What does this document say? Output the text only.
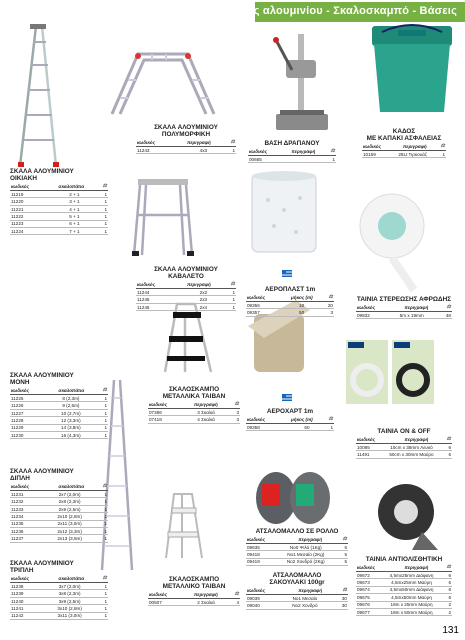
Σκάλες αλουμινίου - Σκαλοσκαμπό - Βάσεις
ΣΚΑΛΑ ΑΛΟΥΜΙΝΙΟΥ
ΟΙΚΙΑΚΗ
κωδικός	σκαλοπάτια	⚖
11219	2 + 1	1
11220	3 + 1	1
11221	4 + 1	1
11222	5 + 1	1
11223	6 + 1	1
11224	7 + 1	1
ΣΚΑΛΑ ΑΛΟΥΜΙΝΙΟΥ
ΠΟΛΥΜΟΡΦΙΚΗ
κωδικός	περιγραφή	⚖
11243	4x3	1
ΒΑΣΗ ΔΡΑΠΑΝΟΥ
κωδικός	περιγραφή	⚖
00665		1
ΚΑΔΟΣ
ΜΕ ΚΑΠΑΚΙ ΑΣΦΑΛΕΙΑΣ
κωδικός	περιγραφή	⚖
10159	28Lt Τιρκουάζ	1
ΣΚΑΛΑ ΑΛΟΥΜΙΝΙΟΥ
ΚΑΒΑΛΕΤΟ
κωδικός	περιγραφή	⚖
11244	2x2	1
11245	2x3	1
11246	2x4	1
ΑΕΡΟΠΛΑΣΤ 1m
κωδικός	μήκος (m)	⚖
09356	10	20
09357	50	3
ΤΑΙΝΙΑ ΣΤΕΡΕΩΣΗΣ ΑΦΡΩΔΗΣ
κωδικός	περιγραφή	⚖
09832	5m x 19mm	48
ΣΚΑΛΑ ΑΛΟΥΜΙΝΙΟΥ
ΜΟΝΗ
κωδικός	σκαλοπάτια	⚖
11225	8 (2,3m)	1
11226	9 (2,5m)	1
11227	10 (2,7m)	1
11228	12 (3,3m)	1
11229	14 (3,8m)	1
11230	16 (4,3m)	1
ΣΚΑΛΟΣΚΑΜΠΟ
ΜΕΤΑΛΛΙΚΑ ΤΑΙΒΑΝ
κωδικός	περιγραφή	⚖
07386	3 Σκαλιά	3
07418	4 Σκαλιά	3
ΑΕΡΟΧΑΡΤ 1m
κωδικός	μήκος (m)	⚖
09358	60	1
ΤΑΙΝΙΑ ON & OFF
κωδικός	περιγραφή	⚖
10085	10cm x 38mm Λευκό	6
11491	50cm x 30mm Μαύρο	6
ΣΚΑΛΑ ΑΛΟΥΜΙΝΙΟΥ
ΔΙΠΛΗ
κωδικός	σκαλοπάτια	⚖
11231	2x7 (2,0m)	1
11232	2x8 (2,3m)	1
11233	2x9 (2,5m)	1
11234	2x10 (2,8m)	1
11235	2x11 (3,0m)	1
11236	2x12 (3,3m)	1
11237	2x13 (3,5m)	1
ΑΤΣΑΛΟΜΑΛΛΟ ΣΕ ΡΟΛΛΟ
κωδικός	περιγραφή	⚖
09635	No0 Ψιλό (1Kg)	5
09418	No1 Μεσαίο (2Kg)	5
09419	No2 Χονδρό (2Kg)	5
ΣΚΑΛΑ ΑΛΟΥΜΙΝΙΟΥ
ΤΡΙΠΛΗ
κωδικός	σκαλοπάτια	⚖
11238	3x7 (2,0m)	1
11239	3x8 (2,3m)	1
11240	3x9 (2,5m)	1
11241	3x10 (2,8m)	1
11242	3x11 (3,0m)	1
ΣΚΑΛΟΣΚΑΜΠΟ
ΜΕΤΑΛΛΙΚΟ ΤΑΙΒΑΝ
κωδικός	περιγραφή	⚖
00507	2 Σκαλιά	4
ΑΤΣΑΛΟΜΑΛΛΟ
ΣΑΚΟΥΛΑΚΙ 100gr
κωδικός	περιγραφή	⚖
09039	No1 Μεσαίο	30
09040	No2 Χονδρό	30
ΤΑΙΝΙΑ ΑΝΤΙΟΛΙΣΘΗΤΙΚΗ
κωδικός	περιγραφή	⚖
09672	4,5mx25mm Διάφανη	6
09673	4,5mx25mm Μαύρη	6
09674	4,5mx50mm Διάφανη	6
09675	4,5mx50mm Μαύρη	6
09676	18m x 25mm Μαύρη	2
09677	18m x 50mm Μαύρη	2
131
